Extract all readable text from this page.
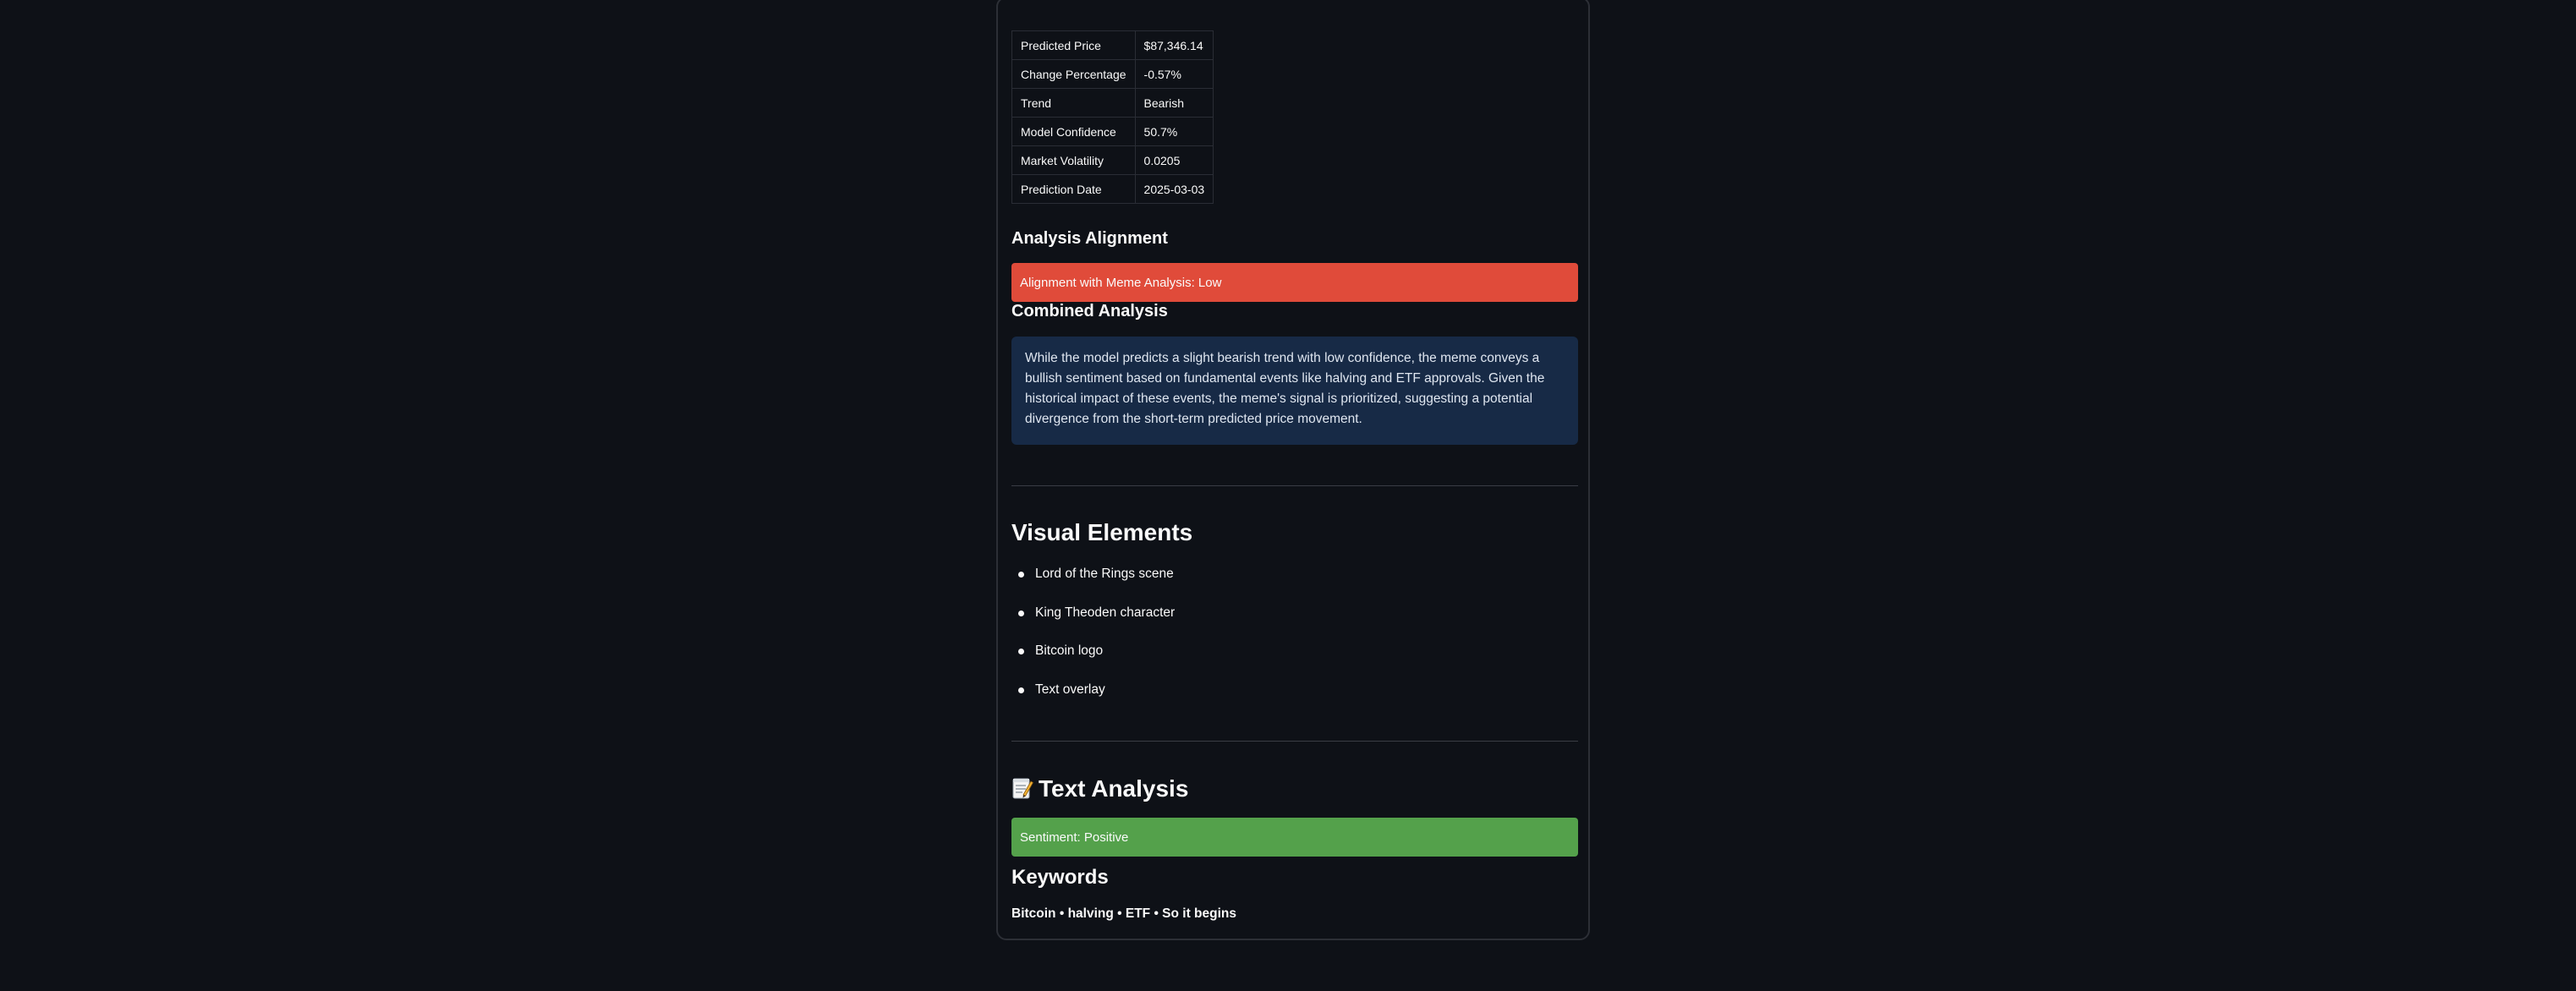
Predicted Price	$87,346.14
Change Percentage	-0.57%
Trend	Bearish
Model Confidence	50.7%
Market Volatility	0.0205
Prediction Date	2025-03-03
Analysis Alignment
Alignment with Meme Analysis: Low
Combined Analysis
While the model predicts a slight bearish trend with low confidence, the meme conveys a bullish sentiment based on fundamental events like halving and ETF approvals. Given the historical impact of these events, the meme's signal is prioritized, suggesting a potential divergence from the short-term predicted price movement.
Visual Elements
Lord of the Rings scene
King Theoden character
Bitcoin logo
Text overlay
Text Analysis
Sentiment: Positive
Keywords
Bitcoin • halving • ETF • So it begins
